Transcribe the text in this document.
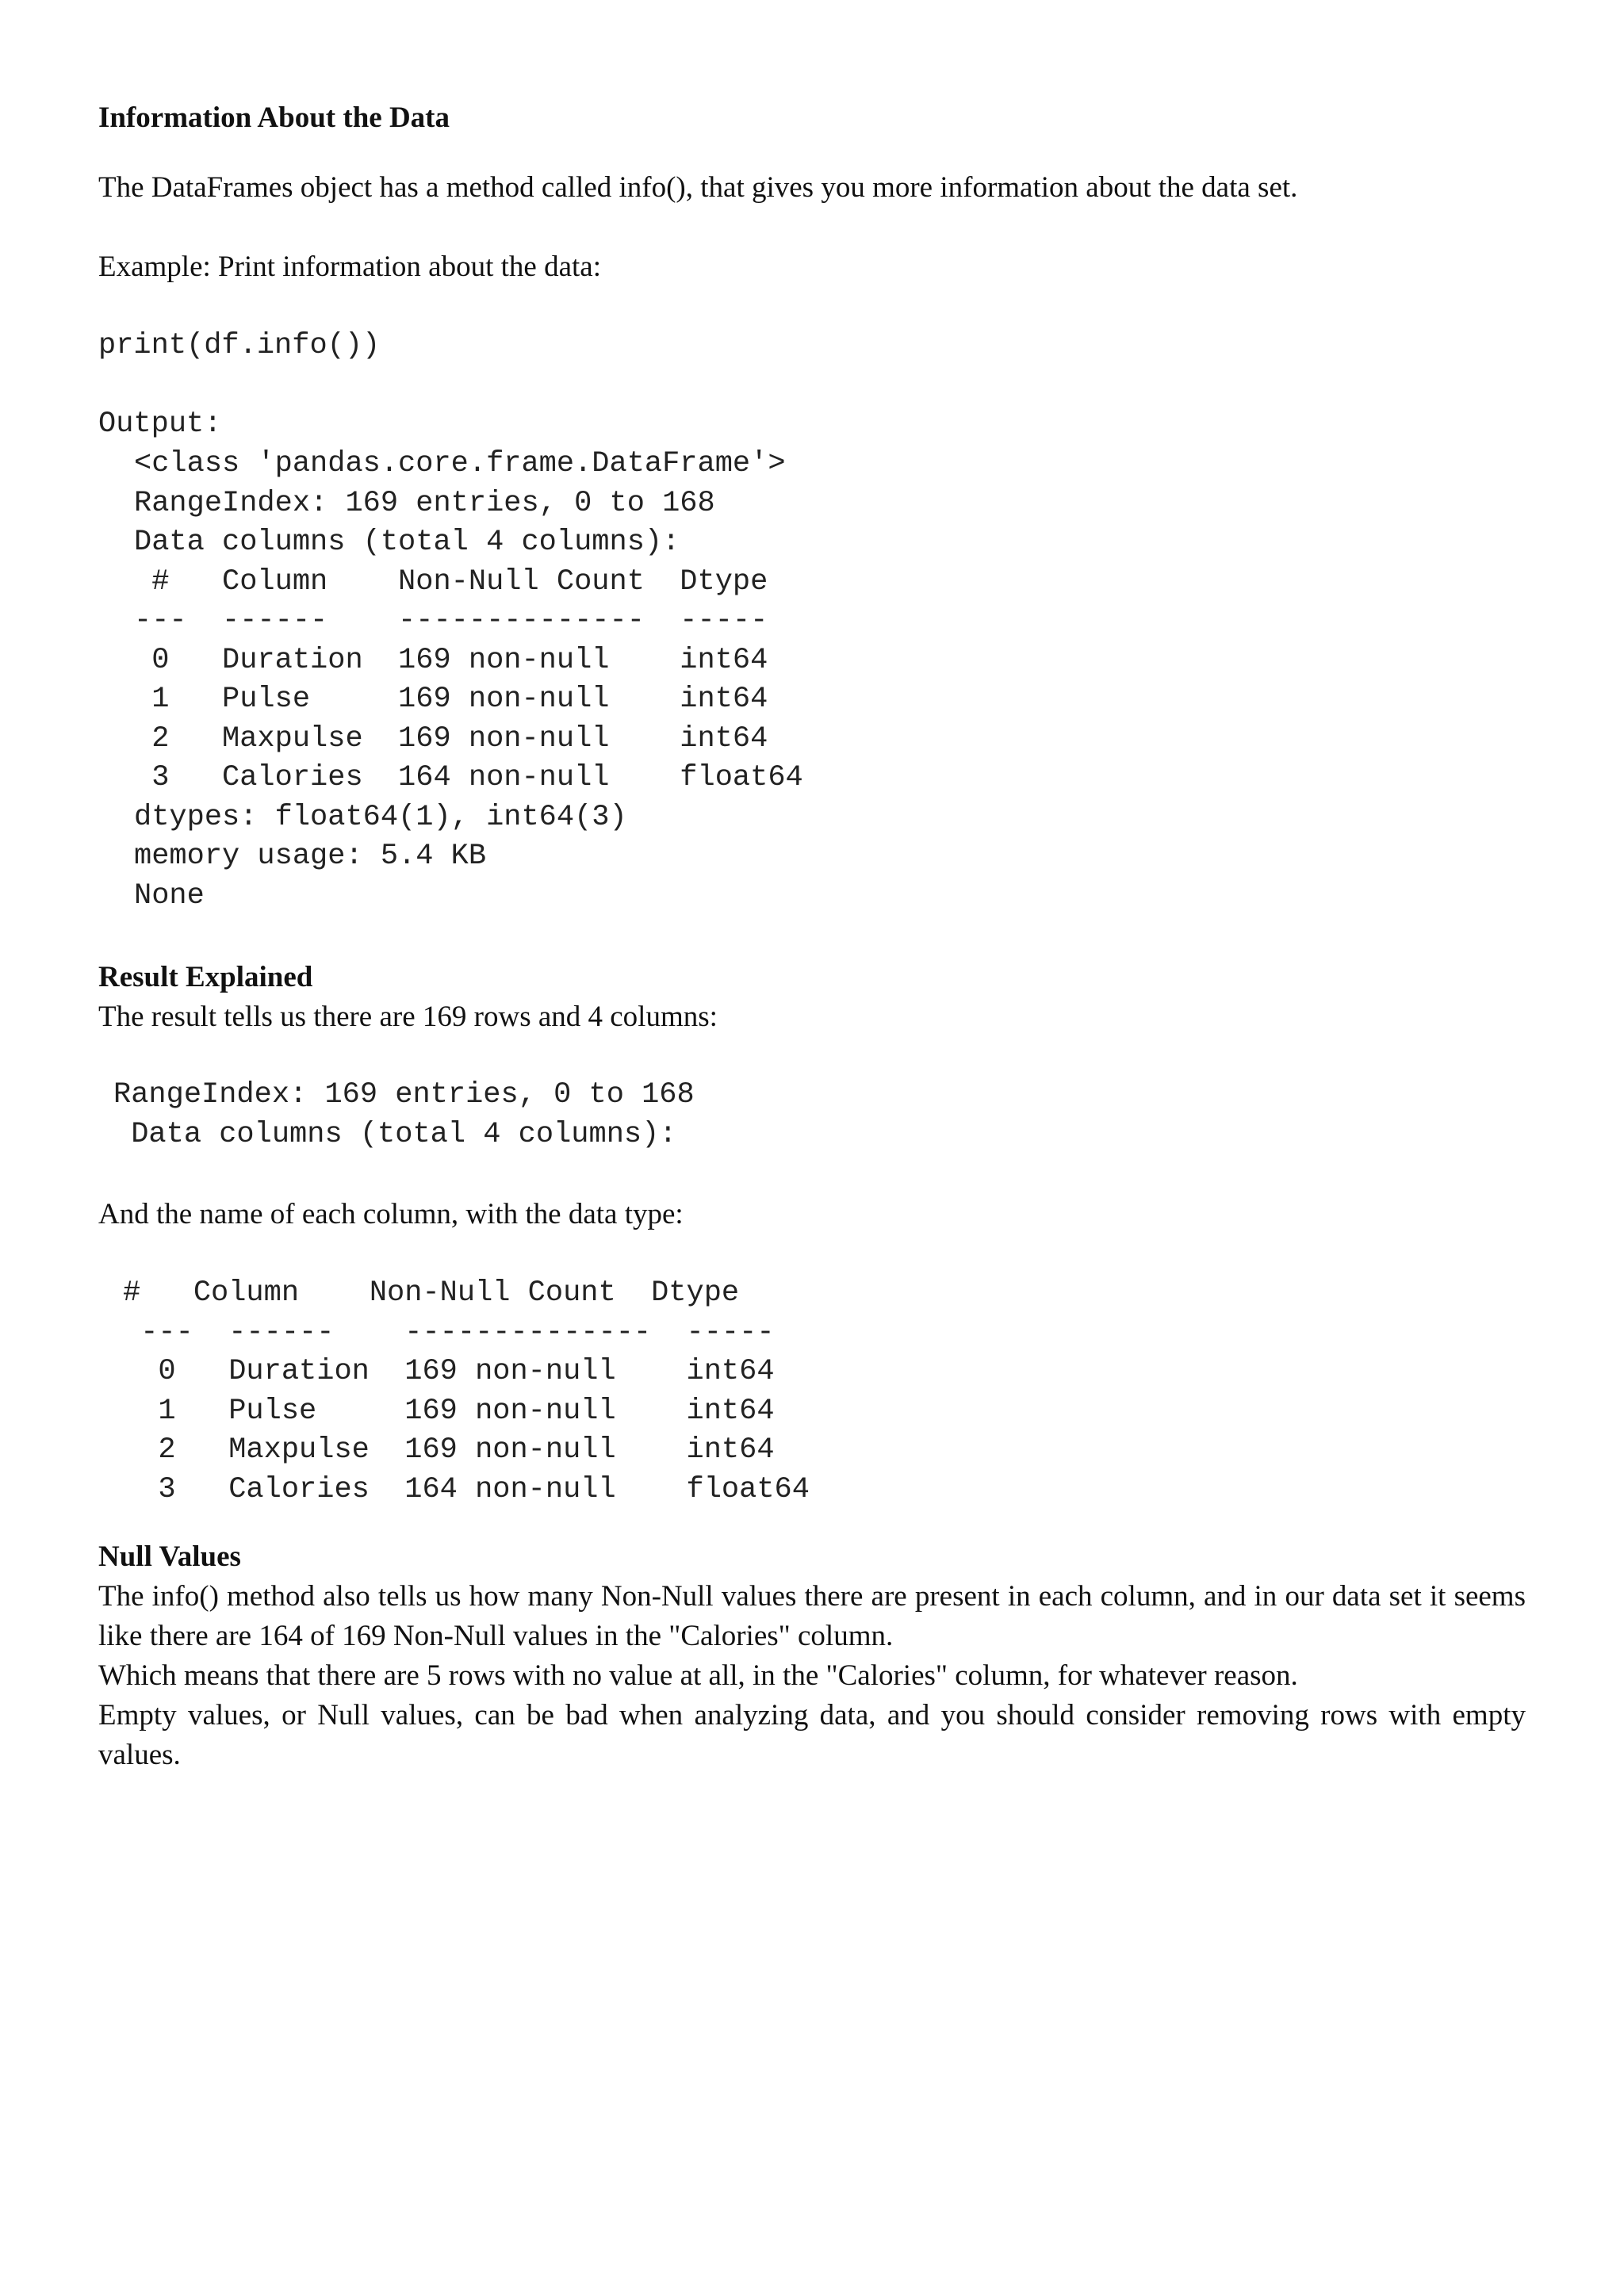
Information About the Data

The DataFrames object has a method called info(), that gives you more information about the data set.

Example: Print information about the data:

print(df.info())
Output:
<class 'pandas.core.frame.DataFrame'>
RangeIndex: 169 entries, 0 to 168
Data columns (total 4 columns):
#   Column    Non-Null Count  Dtype
---  ------    --------------  -----
0   Duration  169 non-null    int64
1   Pulse     169 non-null    int64
2   Maxpulse  169 non-null    int64
3   Calories  164 non-null    float64
dtypes: float64(1), int64(3)
memory usage: 5.4 KB
None
Result Explained

The result tells us there are 169 rows and 4 columns:

RangeIndex: 169 entries, 0 to 168
Data columns (total 4 columns):

And the name of each column, with the data type:

#   Column    Non-Null Count  Dtype
---  ------    --------------  -----
0   Duration  169 non-null    int64
1   Pulse     169 non-null    int64
2   Maxpulse  169 non-null    int64
3   Calories  164 non-null    float64
Null Values

The info() method also tells us how many Non-Null values there are present in each column, and in our data set it seems like there are 164 of 169 Non-Null values in the "Calories" column.

Which means that there are 5 rows with no value at all, in the "Calories" column, for whatever reason.

Empty values, or Null values, can be bad when analyzing data, and you should consider removing rows with empty values.
